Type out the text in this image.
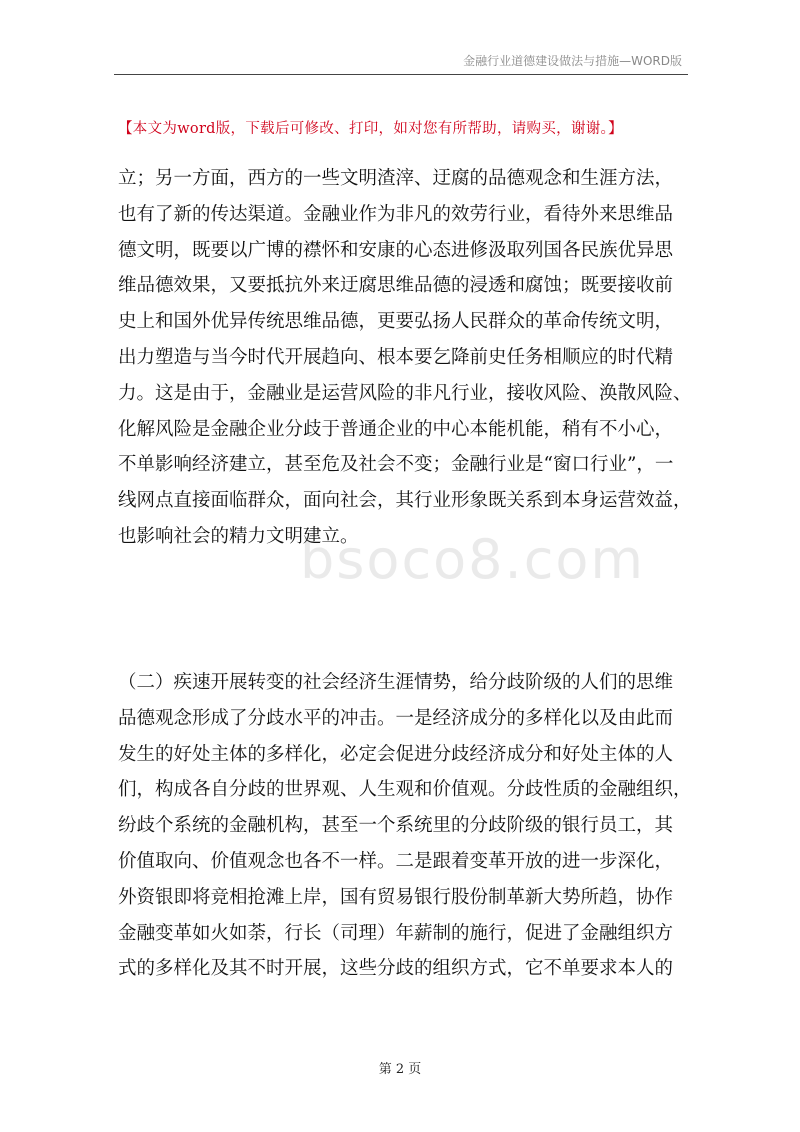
金融行业道德建设做法与措施—WORD版
【本文为word版，下载后可修改、打印，如对您有所帮助，请购买，谢谢。】
bsoco8.com
立；另一方面，西方的一些文明渣滓、迂腐的品德观念和生涯方法，
也有了新的传达渠道。金融业作为非凡的效劳行业，看待外来思维品
德文明，既要以广博的襟怀和安康的心态进修汲取列国各民族优异思
维品德效果，又要抵抗外来迂腐思维品德的浸透和腐蚀；既要接收前
史上和国外优异传统思维品德，更要弘扬人民群众的革命传统文明，
出力塑造与当今时代开展趋向、根本要乞降前史任务相顺应的时代精
力。这是由于，金融业是运营风险的非凡行业，接收风险、涣散风险、
化解风险是金融企业分歧于普通企业的中心本能机能，稍有不小心，
不单影响经济建立，甚至危及社会不变；金融行业是“窗口行业”，一
线网点直接面临群众，面向社会，其行业形象既关系到本身运营效益，
也影响社会的精力文明建立。
（二）疾速开展转变的社会经济生涯情势，给分歧阶级的人们的思维
品德观念形成了分歧水平的冲击。一是经济成分的多样化以及由此而
发生的好处主体的多样化，必定会促进分歧经济成分和好处主体的人
们，构成各自分歧的世界观、人生观和价值观。分歧性质的金融组织，
纷歧个系统的金融机构，甚至一个系统里的分歧阶级的银行员工，其
价值取向、价值观念也各不一样。二是跟着变革开放的进一步深化，
外资银即将竞相抢滩上岸，国有贸易银行股份制革新大势所趋，协作
金融变革如火如荼，行长（司理）年薪制的施行，促进了金融组织方
式的多样化及其不时开展，这些分歧的组织方式，它不单要求本人的
第 2 页
